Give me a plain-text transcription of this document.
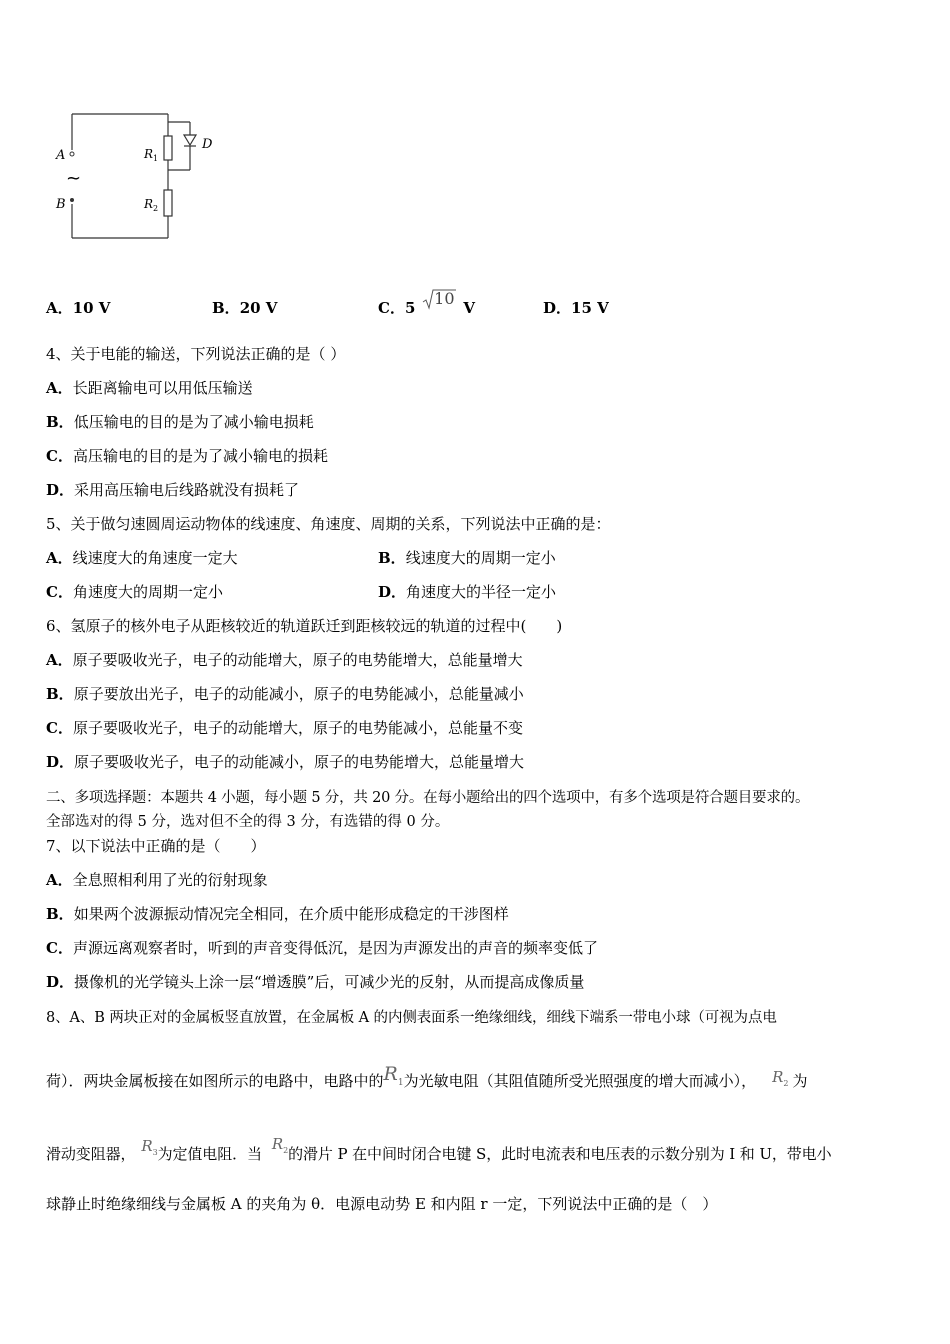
A
B
~
$R_1$
$R_2$
D
A．10 V	B．20 V	C．5 10 V	D．15 V
4、关于电能的输送，下列说法正确的是（ ）
A．长距离输电可以用低压输送
B．低压输电的目的是为了减小输电损耗
C．高压输电的目的是为了减小输电的损耗
D．采用高压输电后线路就没有损耗了
5、关于做匀速圆周运动物体的线速度、角速度、周期的关系，下列说法中正确的是：
A．线速度大的角速度一定大	B．线速度大的周期一定小
C．角速度大的周期一定小	D．角速度大的半径一定小
6、氢原子的核外电子从距核较近的轨道跃迁到距核较远的轨道的过程中(　　)
A．原子要吸收光子，电子的动能增大，原子的电势能增大，总能量增大
B．原子要放出光子，电子的动能减小，原子的电势能减小，总能量减小
C．原子要吸收光子，电子的动能增大，原子的电势能减小，总能量不变
D．原子要吸收光子，电子的动能减小，原子的电势能增大，总能量增大
二、多项选择题：本题共 4 小题，每小题 5 分，共 20 分。在每小题给出的四个选项中，有多个选项是符合题目要求的。
全部选对的得 5 分，选对但不全的得 3 分，有选错的得 0 分。
7、以下说法中正确的是（　　）
A．全息照相利用了光的衍射现象
B．如果两个波源振动情况完全相同，在介质中能形成稳定的干涉图样
C．声源远离观察者时，听到的声音变得低沉，是因为声源发出的声音的频率变低了
D．摄像机的光学镜头上涂一层“增透膜”后，可减少光的反射，从而提高成像质量
8、A、B 两块正对的金属板竖直放置，在金属板 A 的内侧表面系一绝缘细线，细线下端系一带电小球（可视为点电
荷）．两块金属板接在如图所示的电路中，电路中的$R_1$为光敏电阻（其阻值随所受光照强度的增大而减小）， $R_2$ 为
滑动变阻器， $R_3$为定值电阻．当$R_2$的滑片 P 在中间时闭合电键 S，此时电流表和电压表的示数分别为 I 和 U，带电小
球静止时绝缘细线与金属板 A 的夹角为 θ．电源电动势 E 和内阻 r 一定，下列说法中正确的是（　）
